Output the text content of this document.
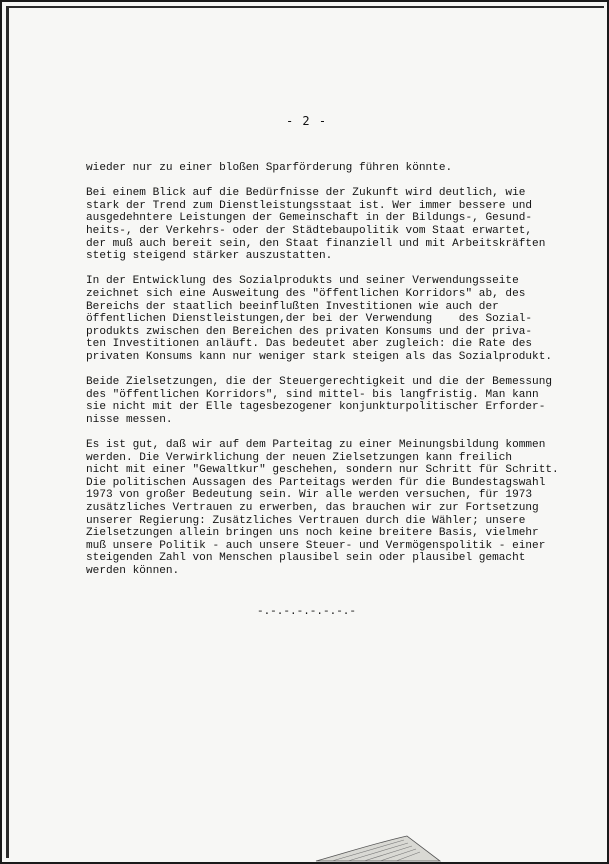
- 2 -
wieder nur zu einer bloßen Sparförderung führen könnte.
Bei einem Blick auf die Bedürfnisse der Zukunft wird deutlich, wie
stark der Trend zum Dienstleistungsstaat ist. Wer immer bessere und
ausgedehntere Leistungen der Gemeinschaft in der Bildungs-, Gesund-
heits-, der Verkehrs- oder der Städtebaupolitik vom Staat erwartet,
der muß auch bereit sein, den Staat finanziell und mit Arbeitskräften
stetig steigend stärker auszustatten.
In der Entwicklung des Sozialprodukts und seiner Verwendungsseite
zeichnet sich eine Ausweitung des "öffentlichen Korridors" ab, des
Bereichs der staatlich beeinflußten Investitionen wie auch der
öffentlichen Dienstleistungen,der bei der Verwendung    des Sozial-
produkts zwischen den Bereichen des privaten Konsums und der priva-
ten Investitionen anläuft. Das bedeutet aber zugleich: die Rate des
privaten Konsums kann nur weniger stark steigen als das Sozialprodukt.
Beide Zielsetzungen, die der Steuergerechtigkeit und die der Bemessung
des "öffentlichen Korridors", sind mittel- bis langfristig. Man kann
sie nicht mit der Elle tagesbezogener konjunkturpolitischer Erforder-
nisse messen.
Es ist gut, daß wir auf dem Parteitag zu einer Meinungsbildung kommen
werden. Die Verwirklichung der neuen Zielsetzungen kann freilich
nicht mit einer "Gewaltkur" geschehen, sondern nur Schritt für Schritt.
Die politischen Aussagen des Parteitags werden für die Bundestagswahl
1973 von großer Bedeutung sein. Wir alle werden versuchen, für 1973
zusätzliches Vertrauen zu erwerben, das brauchen wir zur Fortsetzung
unserer Regierung: Zusätzliches Vertrauen durch die Wähler; unsere
Zielsetzungen allein bringen uns noch keine breitere Basis, vielmehr
muß unsere Politik - auch unsere Steuer- und Vermögenspolitik - einer
steigenden Zahl von Menschen plausibel sein oder plausibel gemacht
werden können.
-.-.-.-.-.-.-.-
